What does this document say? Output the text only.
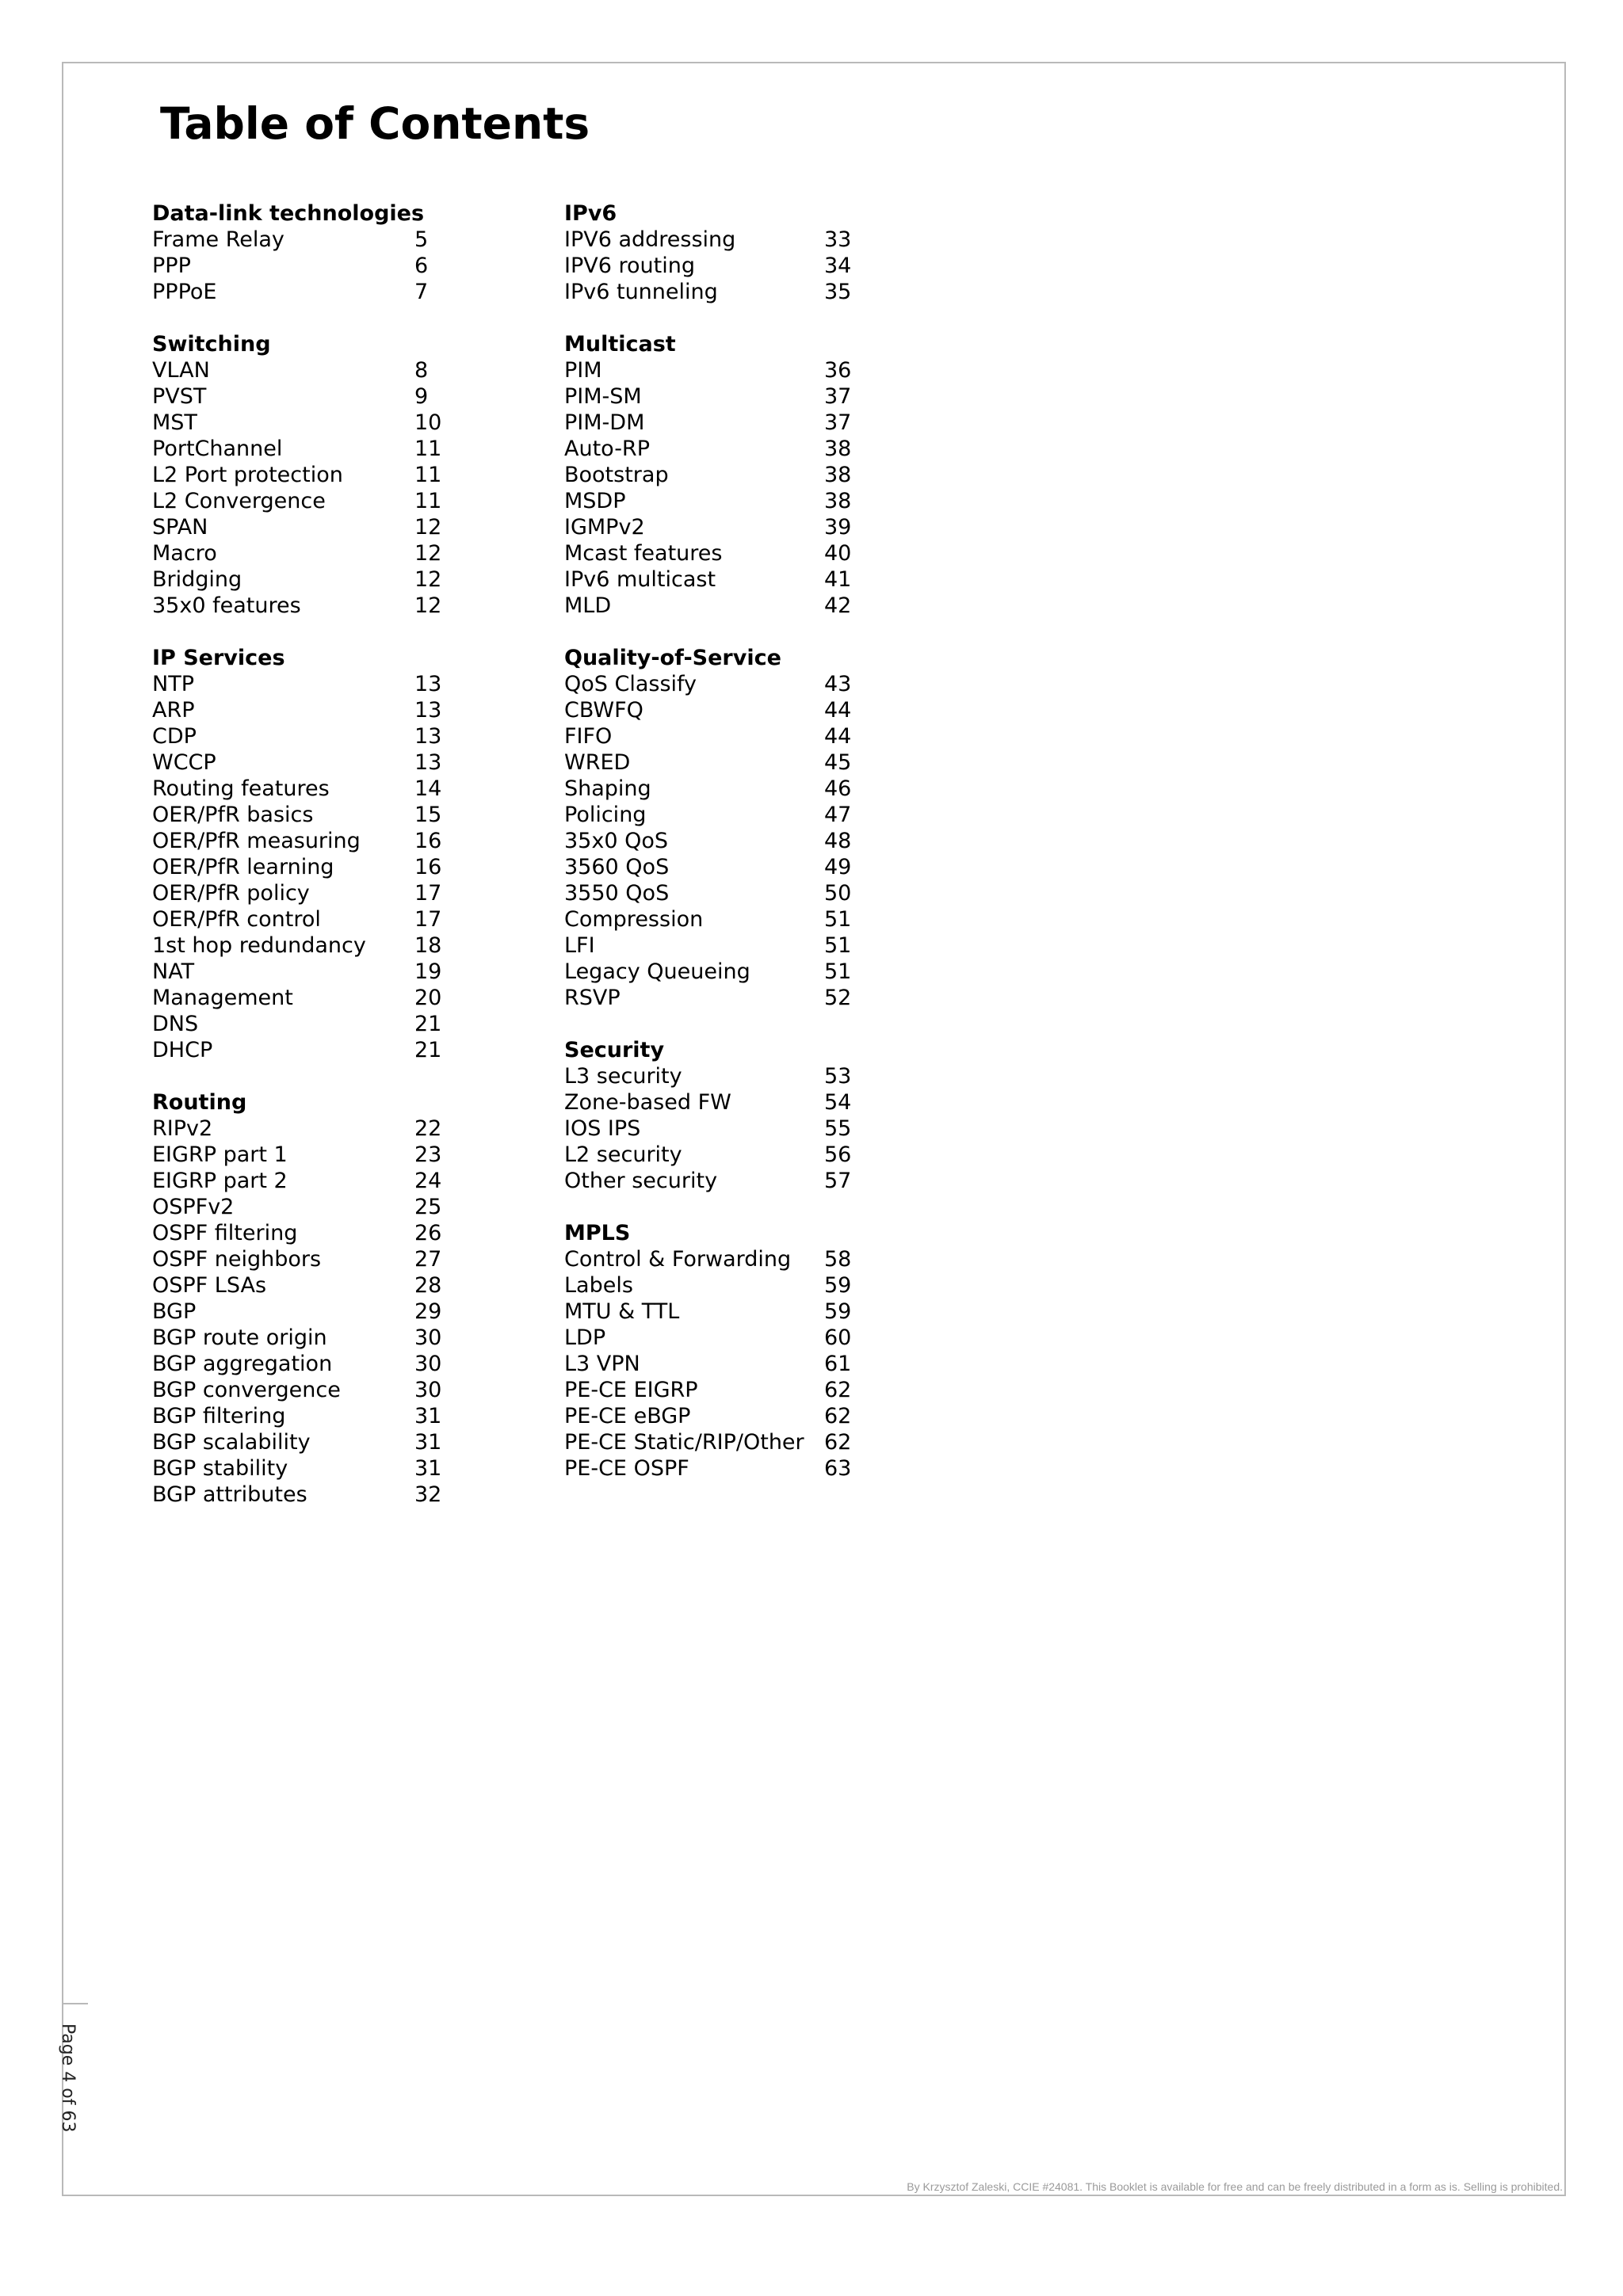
Table of Contents
Data-link technologies
Frame Relay	5
PPP	6
PPPoE	7
Switching
VLAN	8
PVST	9
MST	10
PortChannel	11
L2 Port protection	11
L2 Convergence	11
SPAN	12
Macro	12
Bridging	12
35x0 features	12
IP Services
NTP	13
ARP	13
CDP	13
WCCP	13
Routing features	14
OER/PfR basics	15
OER/PfR measuring	16
OER/PfR learning	16
OER/PfR policy	17
OER/PfR control	17
1st hop redundancy 18
NAT	19
Management	20
DNS	21
DHCP	21
Routing
RIPv2	22
EIGRP part 1	23
EIGRP part 2	24
OSPFv2	25
OSPF filtering	26
OSPF neighbors	27
OSPF LSAs	28
BGP	29
BGP route origin	30
BGP aggregation	30
BGP convergence	30
BGP filtering	31
BGP scalability	31
BGP stability	31
BGP attributes	32
IPv6
IPV6 addressing	33
IPV6 routing	34
IPv6 tunneling	35
Multicast
PIM	36
PIM-SM	37
PIM-DM	37
Auto-RP	38
Bootstrap	38
MSDP	38
IGMPv2	39
Mcast features	40
IPv6 multicast	41
MLD	42
Quality-of-Service
QoS Classify	43
CBWFQ	44
FIFO	44
WRED	45
Shaping	46
Policing	47
35x0 QoS	48
3560 QoS	49
3550 QoS	50
Compression	51
LFI	51
Legacy Queueing	51
RSVP	52
Security
L3 security	53
Zone-based FW	54
IOS IPS	55
L2 security	56
Other security	57
MPLS
Control & Forwarding 58
Labels	59
MTU & TTL	59
LDP	60
L3 VPN	61
PE-CE EIGRP	62
PE-CE eBGP	62
PE-CE Static/RIP/Other 62
PE-CE OSPF	63
Page 4 of 63
By Krzysztof Zaleski, CCIE #24081. This Booklet is available for free and can be freely distributed in a form as is. Selling is prohibited.
